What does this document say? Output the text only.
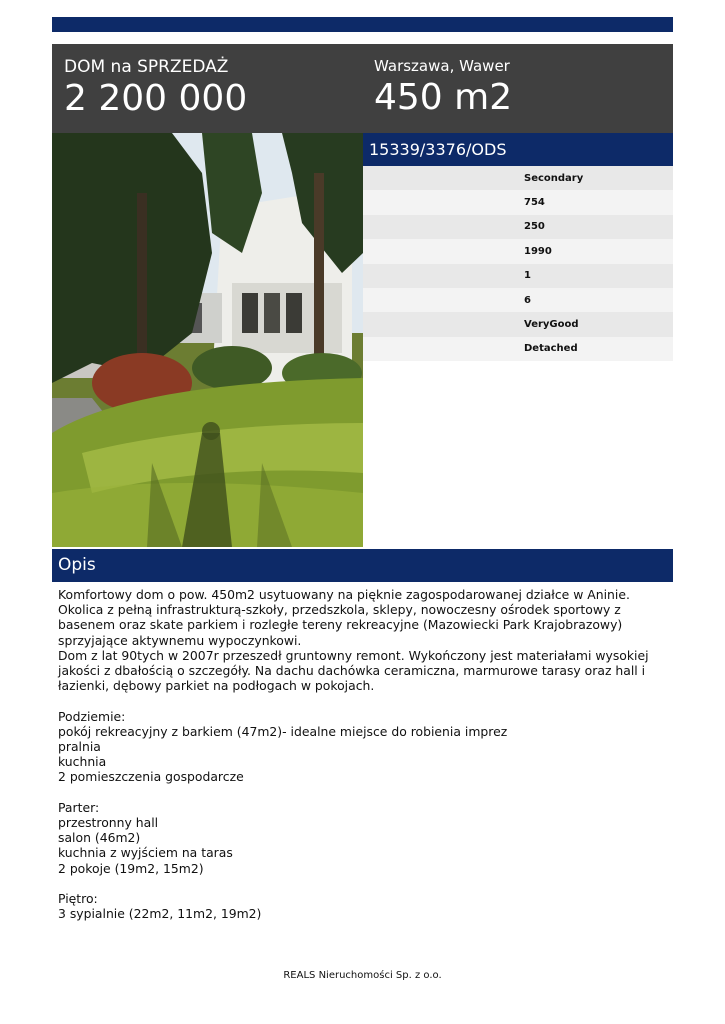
DOM na SPRZEDAŻ
2 200 000
Warszawa, Wawer
450 m2
15339/3376/ODS
Secondary
754
250
1990
1
6
VeryGood
Detached
Opis

Komfortowy dom o pow. 450m2 usytuowany na pięknie zagospodarowanej działce w Aninie.
Okolica z pełną infrastrukturą-szkoły, przedszkola, sklepy, nowoczesny ośrodek sportowy z basenem oraz skate parkiem i rozległe tereny rekreacyjne (Mazowiecki Park Krajobrazowy) sprzyjające aktywnemu wypoczynkowi.
Dom z lat 90tych w 2007r przeszedł gruntowny remont. Wykończony jest materiałami wysokiej jakości z dbałością o szczegóły. Na dachu dachówka ceramiczna, marmurowe tarasy oraz hall i łazienki, dębowy parkiet na podłogach w pokojach.

Podziemie:
pokój rekreacyjny z barkiem (47m2)- idealne miejsce do robienia imprez
pralnia
kuchnia
2 pomieszczenia gospodarcze

Parter:
przestronny hall
salon (46m2)
kuchnia z wyjściem na taras
2 pokoje (19m2, 15m2)

Piętro:
3 sypialnie (22m2, 11m2, 19m2)

REALS Nieruchomości Sp. z o.o.
